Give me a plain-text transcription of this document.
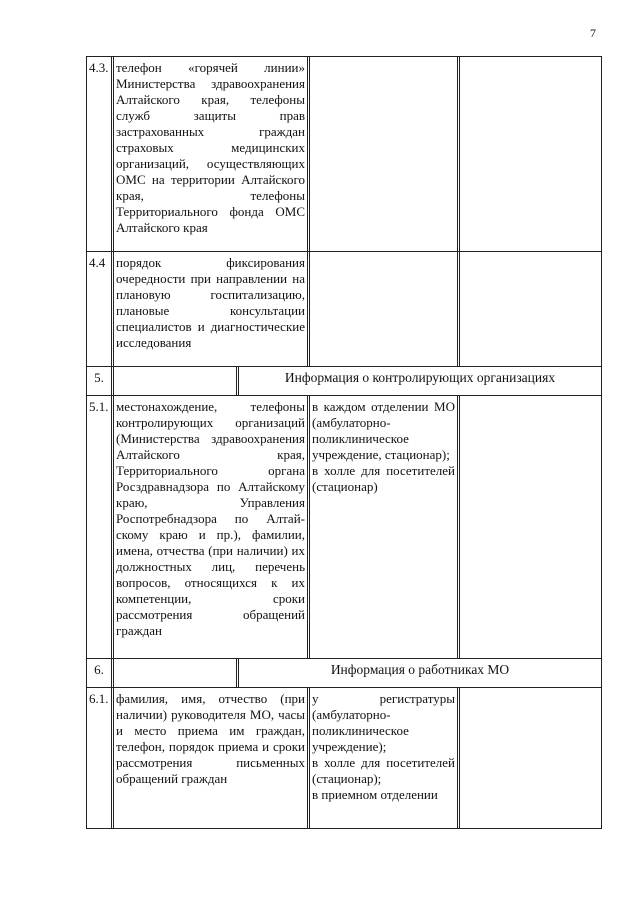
7
4.3. телефон «горячей линии» Министерства здравоохранения Алтайского края, телефоны служб защиты прав застрахованных граждан страховых медицинских организаций, осуществляющих ОМС на территории Алтайского края, телефоны Территориального фонда ОМС Алтайского края
4.4 порядок фиксирования очередности при направлении на плановую госпитализацию, плановые консультации специалистов и диагностические исследования
5.	Информация о контролирующих организациях
5.1. местонахождение, телефоны контролирующих организаций (Министерства здравоохранения Алтайского края, Территориального органа Росздравнадзора по Алтайскому краю, Управления Роспотребнадзора по Алтай-скому краю и пр.), фамилии, имена, отчества (при наличии) их должностных лиц, перечень вопросов, относящихся к их компетенции, сроки рассмотрения обращений граждан
в каждом отделении МО (амбулаторно-поликлиническое учреждение, стационар);
в холле для посетителей (стационар)
6.	Информация о работниках МО
6.1. фамилия, имя, отчество (при наличии) руководителя МО, часы и место приема им граждан, телефон, порядок приема и сроки рассмотрения письменных обращений граждан
у регистратуры (амбулаторно-поликлиническое учреждение);
в холле для посетителей (стационар);
в приемном отделении
